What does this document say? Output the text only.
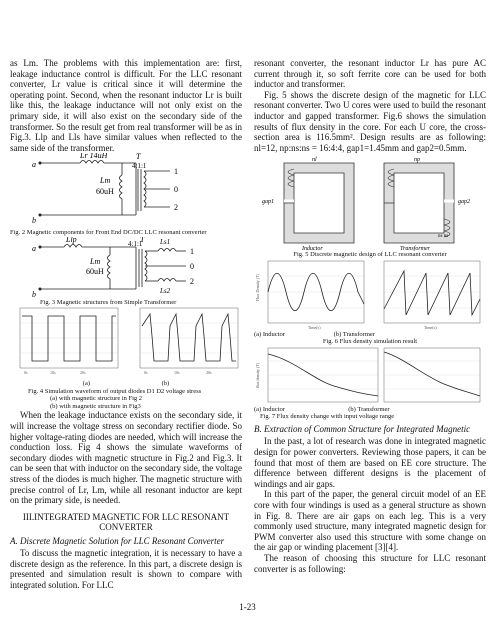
as Lm. The problems with this implementation are: first, leakage inductance control is difficult. For the LLC resonant converter, Lr value is critical since it will determine the operating point. Second, when the resonant inductor Lr is built like this, the leakage inductance will not only exist on the primary side, it will also exist on the secondary side of the transformer. So the result get from real transformer will be as in Fig.3. Llp and Lls have similar values when reflected to the same side of the transformer.

a
b
Lr 14uH
Lm
60uH
T
4:1:1
1
0
2

Fig. 2 Magnetic components for Front End DC/DC LLC resonant converter

a
b
Llp
Lm
60uH
T
4:1:1	Ls1
Ls2
1
0
2

Fig. 3 Magnetic structures from Simple Transformer

0s	10s	20s	0s	10s	20s

(a)	(b)

Fig. 4 Simulation waveform of output diodes D1 D2 voltage stress

(a) with magnetic structure in Fig 2

(b) with magnetic structure in Fig3

When the leakage inductance exists on the secondary side, it will increase the voltage stress on secondary rectifier diode. So higher voltage-rating diodes are needed, which will increase the conduction loss. Fig 4 shows the simulate waveforms of secondary diodes with magnetic structure in Fig.2 and Fig.3. It can be seen that with inductor on the secondary side, the voltage stress of the diodes is much higher. The magnetic structure with precise control of Lr, Lm, while all resonant inductor are kept on the primary side, is needed.

III.INTEGRATED MAGNETIC FOR LLC RESONANT CONVERTER
A. Discrete Magnetic Solution for LLC Resonant Converter

To discuss the magnetic integration, it is necessary to have a discrete design as the reference. In this part, a discrete design is presented and simulation result is shown to compare with integrated solution. For LLC

resonant converter, the resonant inductor Lr has pure AC current through it, so soft ferrite core can be used for both inductor and transformer.

Fig. 5 shows the discrete design of the magnetic for LLC resonant converter. Two U cores were used to build the resonant inductor and gapped transformer. Fig.6 shows the simulation results of flux density in the core. For each U core, the cross-section area is 116.5mm². Design results are as following: nl=12, np:ns:ns = 16:4:4, gap1=1.45mm and gap2=0.5mm.

nl	np
gap1	gap2
ns ns
Inductor	Transformer

Fig. 5 Discrete magnetic design of LLC resonant converter

Flux Density (T)
Time(s)	Time(s)

(a) Inductor                              (b) Transformer

Fig. 6 Flux density simulation result

flux density (T)

(a) Inductor                                       (b) Transformer

Fig. 7 Flux density change with input voltage range

B. Extraction of Common Structure for Integrated Magnetic

In the past, a lot of research was done in integrated magnetic design for power converters. Reviewing those papers, it can be found that most of them are based on EE core structure. The difference between different designs is the placement of windings and air gaps.

In this part of the paper, the general circuit model of an EE core with four windings is used as a general structure as shown in Fig. 8. There are air gaps on each leg. This is a very commonly used structure, many integrated magnetic design for PWM converter also used this structure with some change on the air gap or winding placement [3][4].

The reason of choosing this structure for LLC resonant converter is as following:

1-23
